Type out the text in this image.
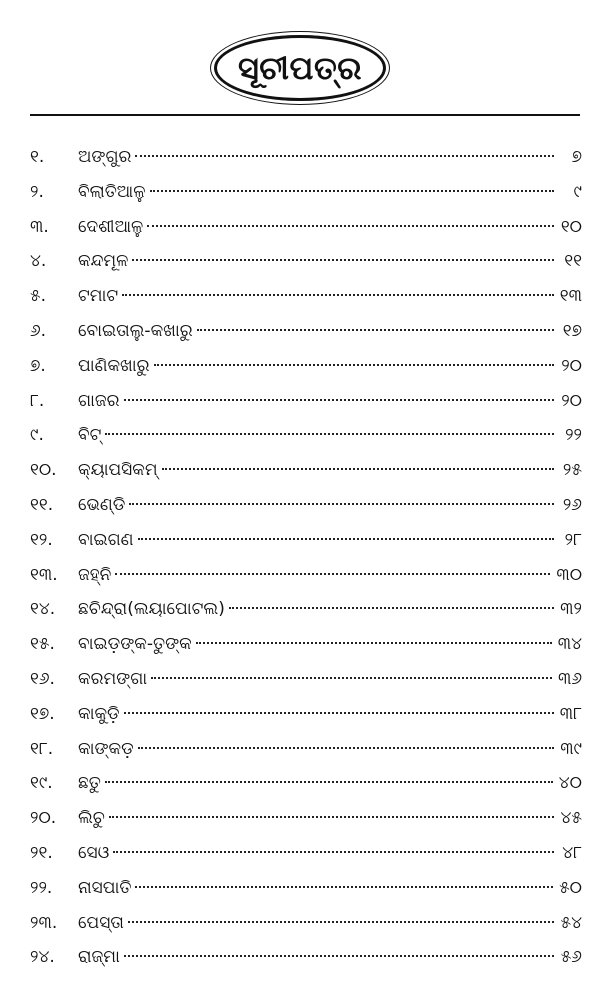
ସୂଚୀପତ୍ର
୧.	ଅଙ୍ଗୁର	୭
୨.	ବିଲାତିଆଳୁ	୯
୩.	ଦେଶୀଆଳୁ	୧୦
୪.	କନ୍ଦମୂଳ	୧୧
୫.	ଟମାଟ	୧୩
୬.	ବୋଇତାଲୁ-କଖାରୁ	୧୭
୭.	ପାଣିକଖାରୁ	୨୦
୮.	ଗାଜର	୨୦
୯.	ବିଟ୍	୨୨
୧୦.	କ୍ୟାପସିକମ୍	୨୫
୧୧.	ଭେଣ୍ଡି	୨୬
୧୨.	ବାଇଗଣ	୨୮
୧୩.	ଜହ୍ନି	୩୦
୧୪.	ଛଚିନ୍ଦ୍ରା(ଲୟାପୋଟଲ)	୩୨
୧୫.	ବାଇଡ଼ଙ୍କ-ତୁଙ୍କ	୩୪
୧୬.	କରମଙ୍ଗା	୩୬
୧୭.	କାକୁଡ଼ି	୩୮
୧୮.	କାଙ୍କଡ଼	୩୯
୧୯.	ଛତୁ	୪୦
୨୦.	ଲିଚୁ	୪୫
୨୧.	ସେଓ	୪୮
୨୨.	ନାସପାତି	୫୦
୨୩.	ପେସ୍ତା	୫୪
୨୪.	ରାଜ୍‌ମା	୫୬
